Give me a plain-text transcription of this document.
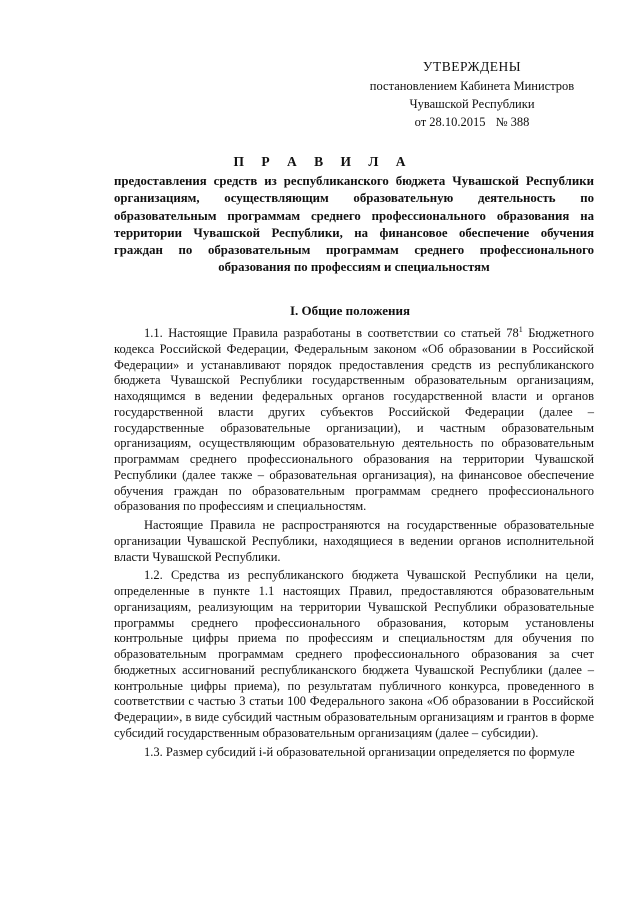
УТВЕРЖДЕНЫ
постановлением Кабинета Министров
Чувашской Республики
от 28.10.2015 № 388
П Р А В И Л А
предоставления средств из республиканского бюджета Чувашской Республики организациям, осуществляющим образовательную деятельность по образовательным программам среднего профессионального образования на территории Чувашской Республики, на финансовое обеспечение обучения граждан по образовательным программам среднего профессионального образования по профессиям и специальностям
I. Общие положения

1.1. Настоящие Правила разработаны в соответствии со статьей $78^1$ Бюджетного кодекса Российской Федерации, Федеральным законом «Об образовании в Российской Федерации» и устанавливают порядок предоставления средств из республиканского бюджета Чувашской Республики государственным образовательным организациям, находящимся в ведении федеральных органов государственной власти и органов государственной власти других субъектов Российской Федерации (далее – государственные образовательные организации), и частным образовательным организациям, осуществляющим образовательную деятельность по образовательным программам среднего профессионального образования на территории Чувашской Республики (далее также – образовательная организация), на финансовое обеспечение обучения граждан по образовательным программам среднего профессионального образования по профессиям и специальностям.

Настоящие Правила не распространяются на государственные образовательные организации Чувашской Республики, находящиеся в ведении органов исполнительной власти Чувашской Республики.

1.2. Средства из республиканского бюджета Чувашской Республики на цели, определенные в пункте 1.1 настоящих Правил, предоставляются образовательным организациям, реализующим на территории Чувашской Республики образовательные программы среднего профессионального образования, которым установлены контрольные цифры приема по профессиям и специальностям для обучения по образовательным программам среднего профессионального образования за счет бюджетных ассигнований республиканского бюджета Чувашской Республики (далее – контрольные цифры приема), по результатам публичного конкурса, проведенного в соответствии с частью 3 статьи 100 Федерального закона «Об образовании в Российской Федерации», в виде субсидий частным образовательным организациям и грантов в форме субсидий государственным образовательным организациям (далее – субсидии).

1.3. Размер субсидий i-й образовательной организации определяется по формуле
